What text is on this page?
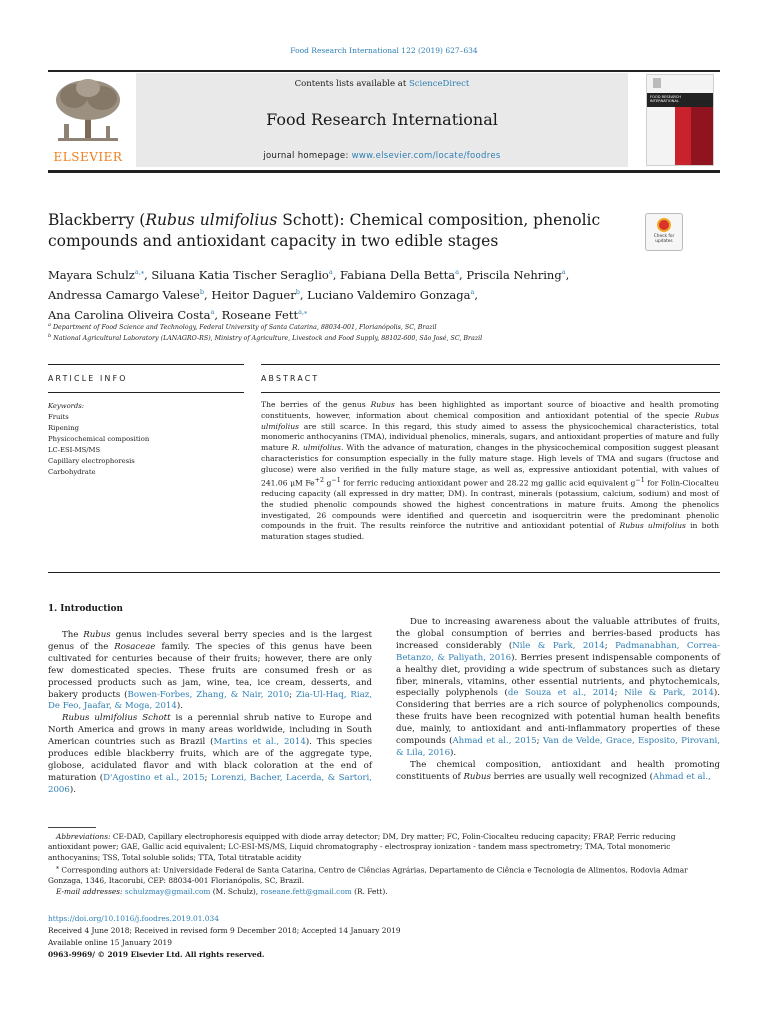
Food Research International 122 (2019) 627–634
ELSEVIER
Contents lists available at ScienceDirect
Food Research International
journal homepage: www.elsevier.com/locate/foodres
FOOD RESEARCH INTERNATIONAL
Blackberry (Rubus ulmifolius Schott): Chemical composition, phenolic compounds and antioxidant capacity in two edible stages	Check for
updates
Mayara Schulz$^{a,⁎}$, Siluana Katia Tischer Seraglio$^a$, Fabiana Della Betta$^a$, Priscila Nehring$^a$,
Andressa Camargo Valese$^b$, Heitor Daguer$^b$, Luciano Valdemiro Gonzaga$^a$,
Ana Carolina Oliveira Costa$^a$, Roseane Fett$^{a,⁎}$
$^a$ Department of Food Science and Technology, Federal University of Santa Catarina, 88034-001, Florianópolis, SC, Brazil
$^b$ National Agricultural Laboratory (LANAGRO-RS), Ministry of Agriculture, Livestock and Food Supply, 88102-600, São José, SC, Brazil
ARTICLE INFO	ABSTRACT
Keywords:
Fruits
Ripening
Physicochemical composition
LC-ESI-MS/MS
Capillary electrophoresis
Carbohydrate
The berries of the genus Rubus has been highlighted as important source of bioactive and health promoting constituents, however, information about chemical composition and antioxidant potential of the specie Rubus ulmifolius are still scarce. In this regard, this study aimed to assess the physicochemical characteristics, total monomeric anthocyanins (TMA), individual phenolics, minerals, sugars, and antioxidant properties of mature and fully mature R. ulmifolius. With the advance of maturation, changes in the physicochemical composition suggest pleasant characteristics for consumption especially in the fully mature stage. High levels of TMA and sugars (fructose and glucose) were also verified in the fully mature stage, as well as, expressive antioxidant potential, with values of 241.06 μM $Fe^{+2}$ $g^{-1}$ for ferric reducing antioxidant power and 28.22 mg gallic acid equivalent $g^{-1}$ for Folin-Ciocalteu reducing capacity (all expressed in dry matter, DM). In contrast, minerals (potassium, calcium, sodium) and most of the studied phenolic compounds showed the highest concentrations in mature fruits. Among the phenolics investigated, 26 compounds were identified and quercetin and isoquercitrin were the predominant phenolic compounds in the fruit. The results reinforce the nutritive and antioxidant potential of Rubus ulmifolius in both maturation stages studied.
1. Introduction

The Rubus genus includes several berry species and is the largest genus of the Rosaceae family. The species of this genus have been cultivated for centuries because of their fruits; however, there are only few domesticated species. These fruits are consumed fresh or as processed products such as jam, wine, tea, ice cream, desserts, and bakery products (Bowen-Forbes, Zhang, & Nair, 2010; Zia-Ul-Haq, Riaz, De Feo, Jaafar, & Moga, 2014).

Rubus ulmifolius Schott is a perennial shrub native to Europe and North America and grows in many areas worldwide, including in South American countries such as Brazil (Martins et al., 2014). This species produces edible blackberry fruits, which are of the aggregate type, globose, acidulated flavor and with black coloration at the end of maturation (D'Agostino et al., 2015; Lorenzi, Bacher, Lacerda, & Sartori, 2006).

Due to increasing awareness about the valuable attributes of fruits, the global consumption of berries and berries-based products has increased considerably (Nile & Park, 2014; Padmanabhan, Correa-Betanzo, & Paliyath, 2016). Berries present indispensable components of a healthy diet, providing a wide spectrum of substances such as dietary fiber, minerals, vitamins, other essential nutrients, and phytochemicals, especially polyphenols (de Souza et al., 2014; Nile & Park, 2014). Considering that berries are a rich source of polyphenolics compounds, these fruits have been recognized with potential human health benefits due, mainly, to antioxidant and anti-inflammatory properties of these compounds (Ahmad et al., 2015; Van de Velde, Grace, Esposito, Pirovani, & Lila, 2016).

The chemical composition, antioxidant and health promoting constituents of Rubus berries are usually well recognized (Ahmad et al.,

Abbreviations: CE-DAD, Capillary electrophoresis equipped with diode array detector; DM, Dry matter; FC, Folin-Ciocalteu reducing capacity; FRAP, Ferric reducing antioxidant power; GAE, Gallic acid equivalent; LC-ESI-MS/MS, Liquid chromatography - electrospray ionization - tandem mass spectrometry; TMA, Total monomeric anthocyanins; TSS, Total soluble solids; TTA, Total titratable acidity

⁎ Corresponding authors at: Universidade Federal de Santa Catarina, Centro de Ciências Agrárias, Departamento de Ciência e Tecnologia de Alimentos, Rodovia Admar Gonzaga, 1346, Itacorubi, CEP: 88034-001 Florianópolis, SC, Brazil.

E-mail addresses: schulzmay@gmail.com (M. Schulz), roseane.fett@gmail.com (R. Fett).

https://doi.org/10.1016/j.foodres.2019.01.034
Received 4 June 2018; Received in revised form 9 December 2018; Accepted 14 January 2019
Available online 15 January 2019
0963-9969/ © 2019 Elsevier Ltd. All rights reserved.
